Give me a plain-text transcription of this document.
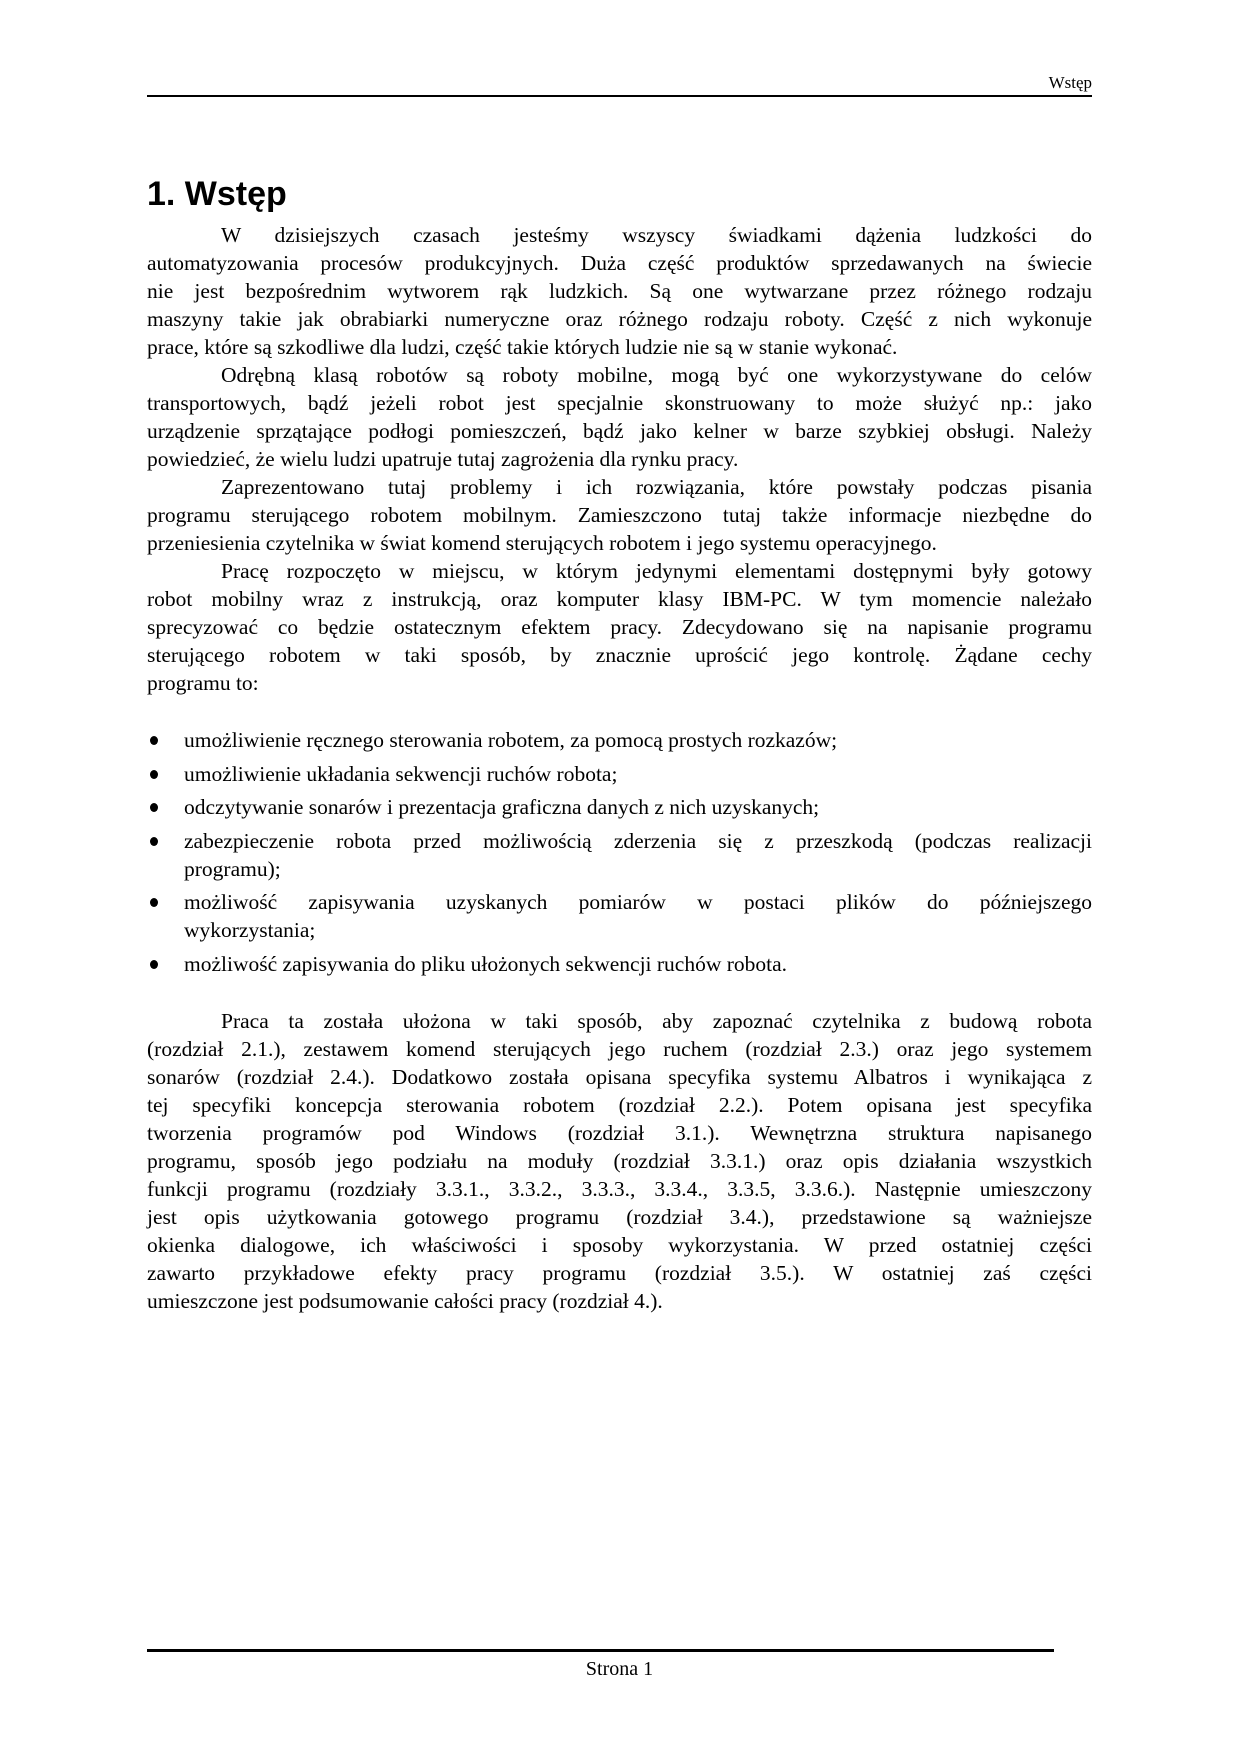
Wstęp
1. Wstęp
W dzisiejszych czasach jesteśmy wszyscy świadkami dążenia ludzkości do
automatyzowania procesów produkcyjnych. Duża część produktów sprzedawanych na świecie
nie jest bezpośrednim wytworem rąk ludzkich. Są one wytwarzane przez różnego rodzaju
maszyny takie jak obrabiarki numeryczne oraz różnego rodzaju roboty. Część z nich wykonuje
prace, które są szkodliwe dla ludzi, część takie których ludzie nie są w stanie wykonać.
Odrębną klasą robotów są roboty mobilne, mogą być one wykorzystywane do celów
transportowych, bądź jeżeli robot jest specjalnie skonstruowany to może służyć np.: jako
urządzenie sprzątające podłogi pomieszczeń, bądź jako kelner w barze szybkiej obsługi. Należy
powiedzieć, że wielu ludzi upatruje tutaj zagrożenia dla rynku pracy.
Zaprezentowano tutaj problemy i ich rozwiązania, które powstały podczas pisania
programu sterującego robotem mobilnym. Zamieszczono tutaj także informacje niezbędne do
przeniesienia czytelnika w świat komend sterujących robotem i jego systemu operacyjnego.
Pracę rozpoczęto w miejscu, w którym jedynymi elementami dostępnymi były gotowy
robot mobilny wraz z instrukcją, oraz komputer klasy IBM-PC. W tym momencie należało
sprecyzować co będzie ostatecznym efektem pracy. Zdecydowano się na napisanie programu
sterującego robotem w taki sposób, by znacznie uprościć jego kontrolę. Żądane cechy
programu to:
umożliwienie ręcznego sterowania robotem, za pomocą prostych rozkazów;
umożliwienie układania sekwencji ruchów robota;
odczytywanie sonarów i prezentacja graficzna danych z nich uzyskanych;
zabezpieczenie robota przed możliwością zderzenia się z przeszkodą (podczas realizacji
programu);
możliwość zapisywania uzyskanych pomiarów w postaci plików do późniejszego
wykorzystania;
możliwość zapisywania do pliku ułożonych sekwencji ruchów robota.
Praca ta została ułożona w taki sposób, aby zapoznać czytelnika z budową robota
(rozdział 2.1.), zestawem komend sterujących jego ruchem (rozdział 2.3.) oraz jego systemem
sonarów (rozdział 2.4.). Dodatkowo została opisana specyfika systemu Albatros i wynikająca z
tej specyfiki koncepcja sterowania robotem (rozdział 2.2.). Potem opisana jest specyfika
tworzenia programów pod Windows (rozdział 3.1.). Wewnętrzna struktura napisanego
programu, sposób jego podziału na moduły (rozdział 3.3.1.) oraz opis działania wszystkich
funkcji programu (rozdziały 3.3.1., 3.3.2., 3.3.3., 3.3.4., 3.3.5, 3.3.6.). Następnie umieszczony
jest opis użytkowania gotowego programu (rozdział 3.4.), przedstawione są ważniejsze
okienka dialogowe, ich właściwości i sposoby wykorzystania. W przed ostatniej części
zawarto przykładowe efekty pracy programu (rozdział 3.5.). W ostatniej zaś części
umieszczone jest podsumowanie całości pracy (rozdział 4.).
Strona 1
